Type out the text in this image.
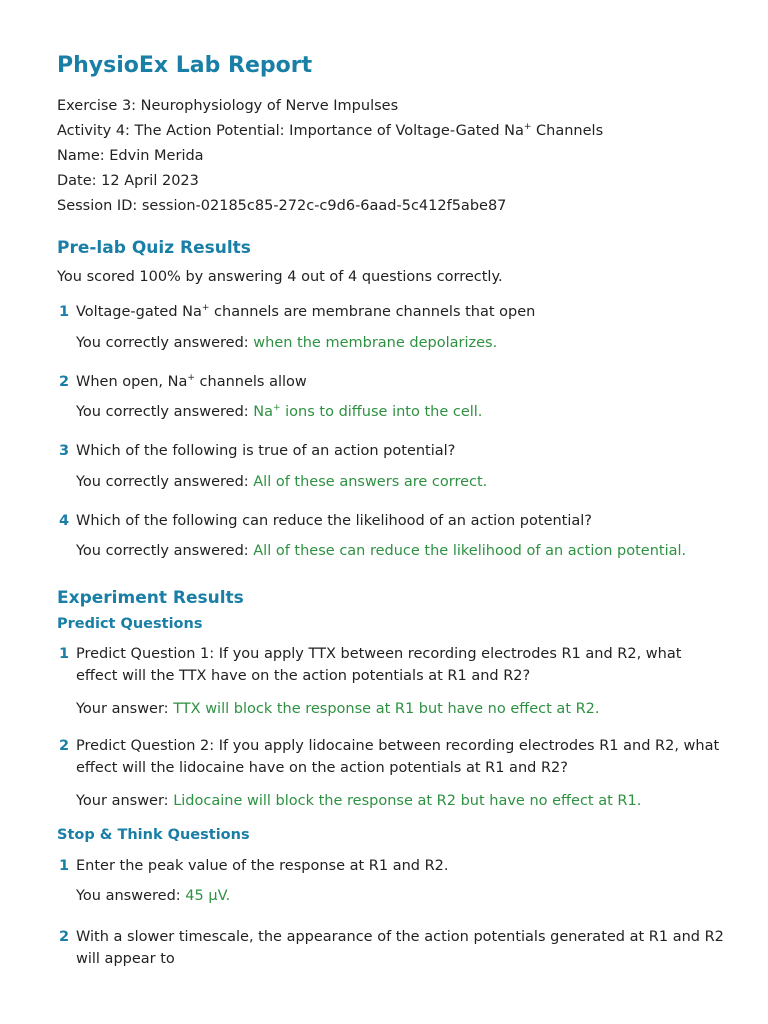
PhysioEx Lab Report
Exercise 3: Neurophysiology of Nerve Impulses
Activity 4: The Action Potential: Importance of Voltage-Gated Na+ Channels
Name: Edvin Merida
Date: 12 April 2023
Session ID: session-02185c85-272c-c9d6-6aad-5c412f5abe87
Pre-lab Quiz Results
You scored 100% by answering 4 out of 4 questions correctly.
1 Voltage-gated Na+ channels are membrane channels that open
You correctly answered: when the membrane depolarizes.
2 When open, Na+ channels allow
You correctly answered: Na+ ions to diffuse into the cell.
3 Which of the following is true of an action potential?
You correctly answered: All of these answers are correct.
4 Which of the following can reduce the likelihood of an action potential?
You correctly answered: All of these can reduce the likelihood of an action potential.
Experiment Results
Predict Questions
1 Predict Question 1: If you apply TTX between recording electrodes R1 and R2, what effect will the TTX have on the action potentials at R1 and R2?
Your answer: TTX will block the response at R1 but have no effect at R2.
2 Predict Question 2: If you apply lidocaine between recording electrodes R1 and R2, what effect will the lidocaine have on the action potentials at R1 and R2?
Your answer: Lidocaine will block the response at R2 but have no effect at R1.
Stop & Think Questions
1 Enter the peak value of the response at R1 and R2.
You answered: 45 µV.
2 With a slower timescale, the appearance of the action potentials generated at R1 and R2 will appear to
